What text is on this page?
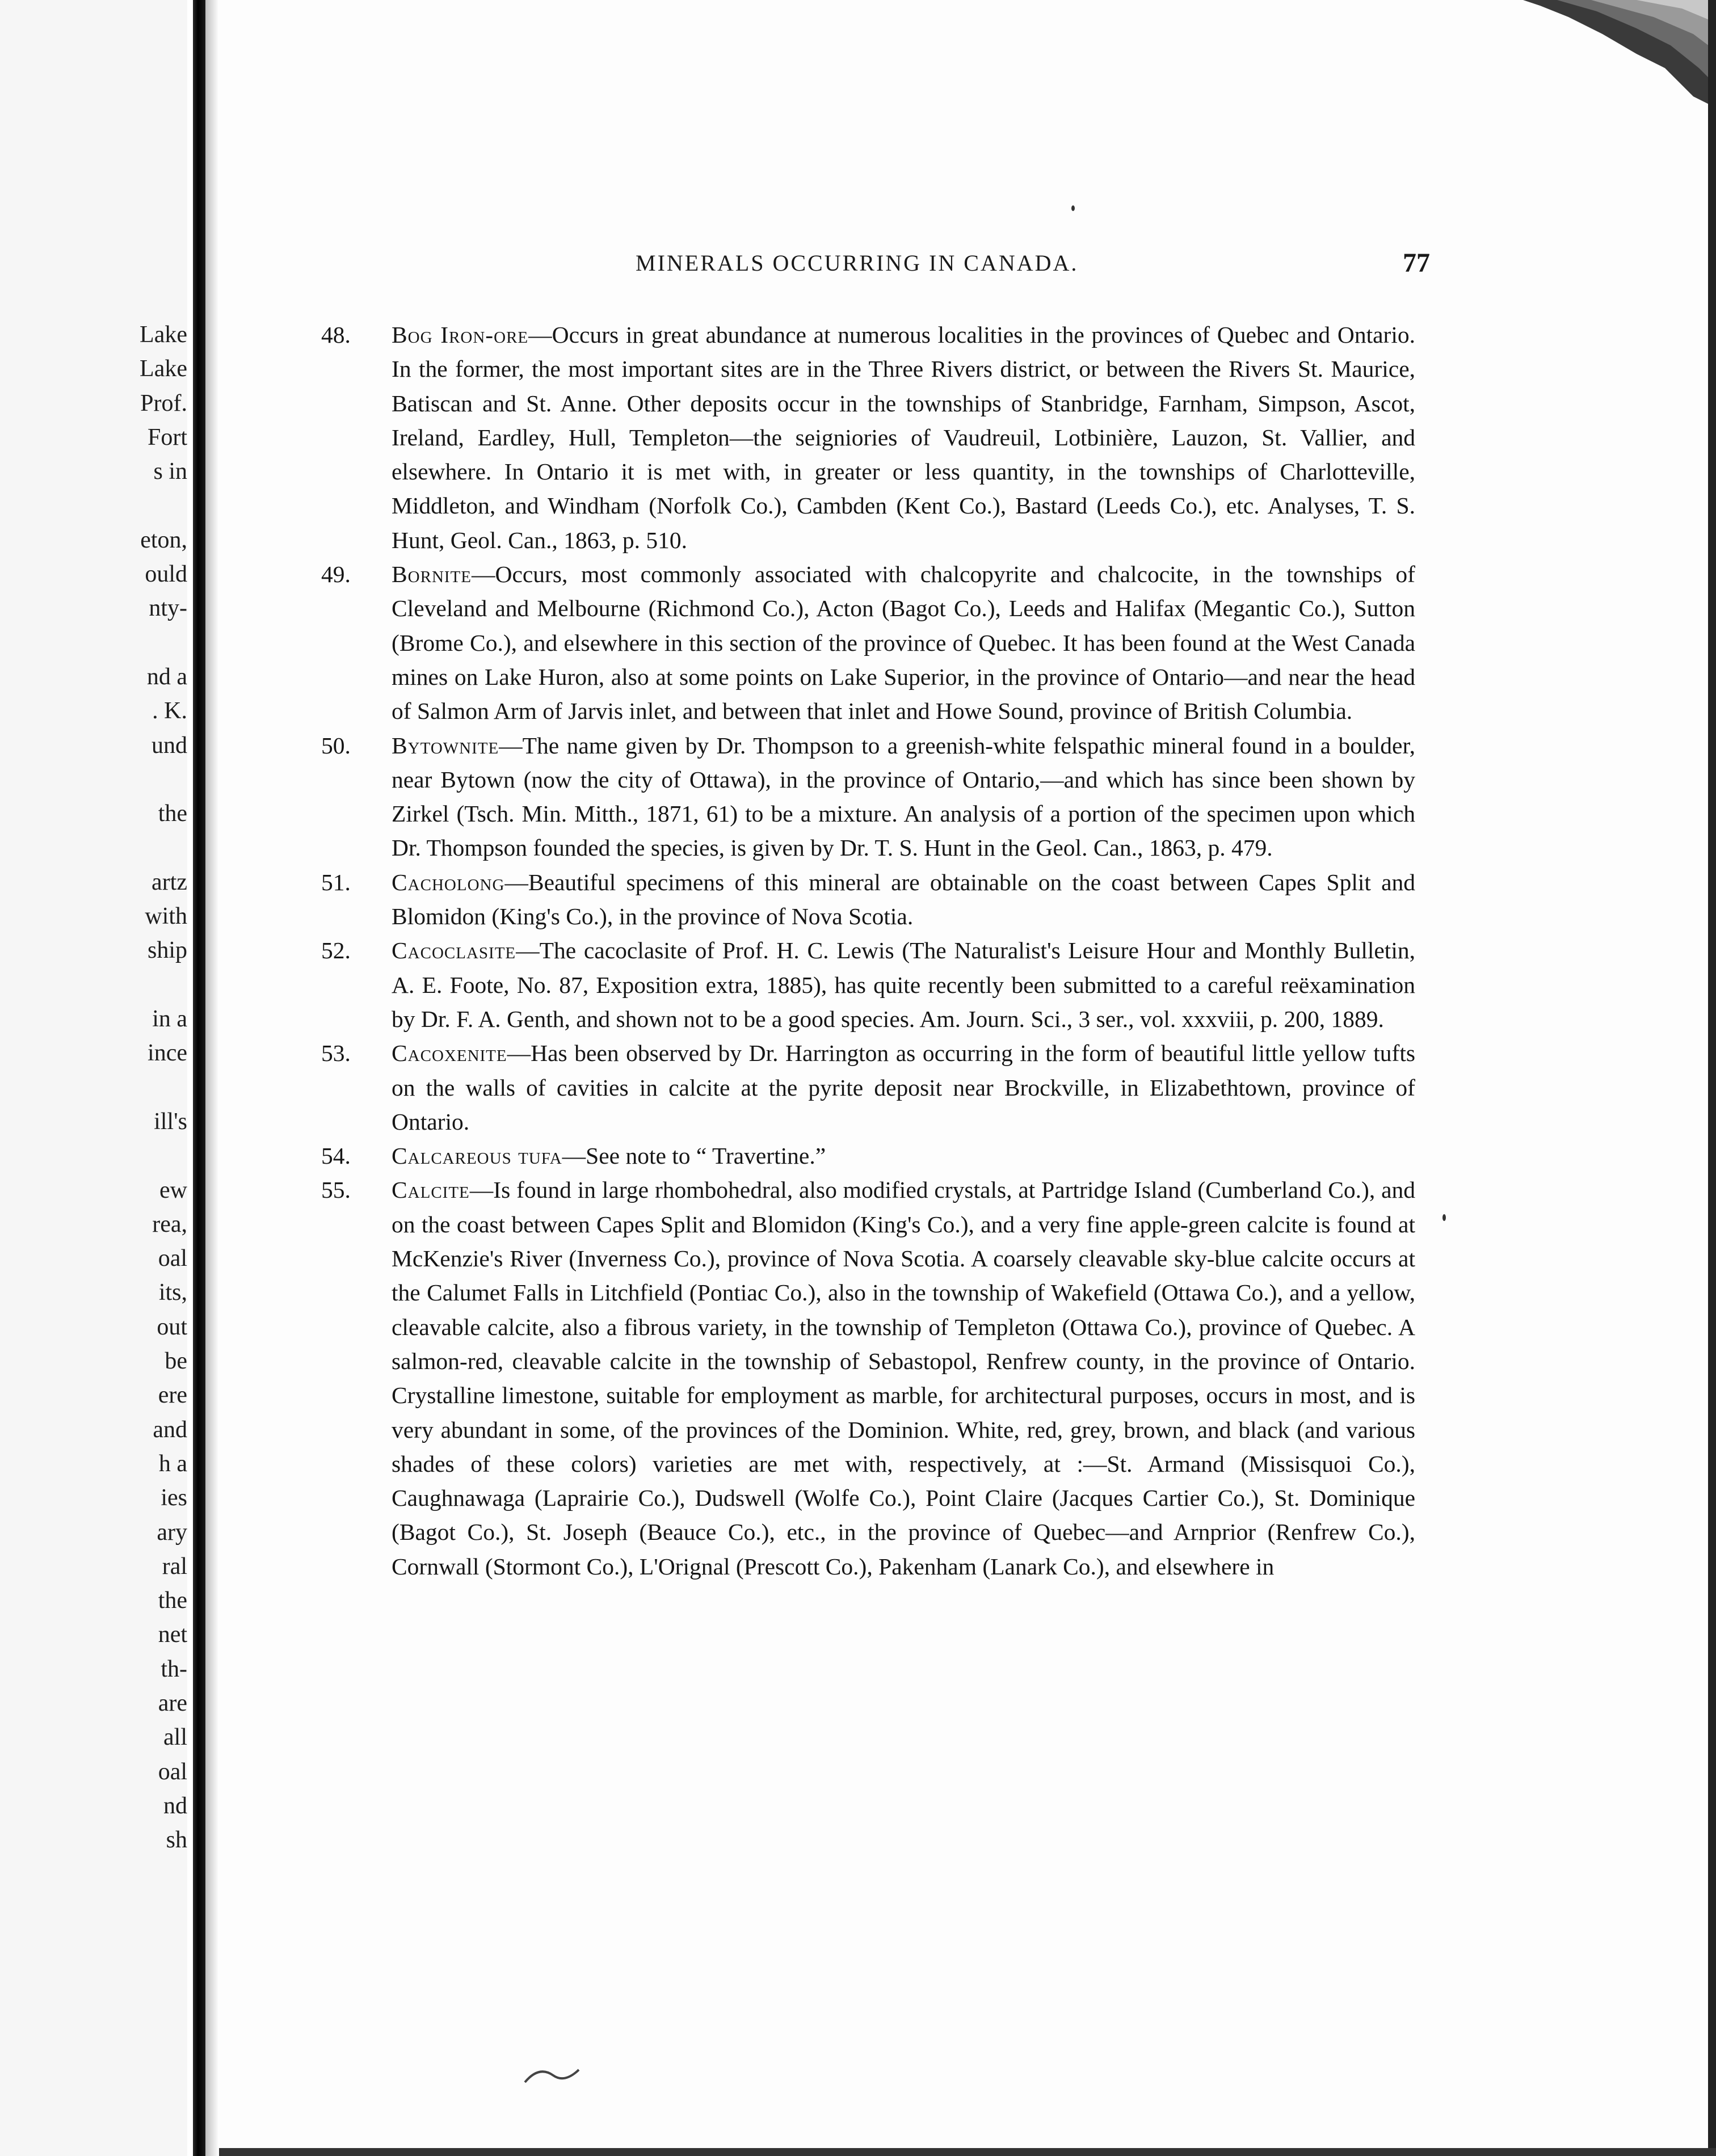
Lake
Lake
Prof.
Fort
s in
eton,
ould
nty-
nd a
. K.
und
the
artz
with
ship
in a
ince
ill's
ew
rea,
oal
its,
out
be
ere
and
h a
ies
ary
ral
the
net
th-
are
all
oal
nd
sh
MINERALS OCCURRING IN CANADA.	77

48.	Bog Iron-ore—Occurs in great abundance at numerous localities in the provinces of Quebec and Ontario. In the former, the most important sites are in the Three Rivers district, or between the Rivers St. Maurice, Batiscan and St. Anne. Other deposits occur in the townships of Stanbridge, Farnham, Simpson, Ascot, Ireland, Eardley, Hull, Templeton—the seigniories of Vaudreuil, Lotbinière, Lauzon, St. Vallier, and elsewhere. In Ontario it is met with, in greater or less quantity, in the townships of Charlotteville, Middleton, and Windham (Norfolk Co.), Cambden (Kent Co.), Bastard (Leeds Co.), etc. Analyses, T. S. Hunt, Geol. Can., 1863, p. 510.

49.	Bornite—Occurs, most commonly associated with chalcopyrite and chalcocite, in the townships of Cleveland and Melbourne (Richmond Co.), Acton (Bagot Co.), Leeds and Halifax (Megantic Co.), Sutton (Brome Co.), and elsewhere in this section of the province of Quebec. It has been found at the West Canada mines on Lake Huron, also at some points on Lake Superior, in the province of Ontario—and near the head of Salmon Arm of Jarvis inlet, and between that inlet and Howe Sound, province of British Columbia.

50.	Bytownite—The name given by Dr. Thompson to a greenish-white felspathic mineral found in a boulder, near Bytown (now the city of Ottawa), in the province of Ontario,—and which has since been shown by Zirkel (Tsch. Min. Mitth., 1871, 61) to be a mixture. An analysis of a portion of the specimen upon which Dr. Thompson founded the species, is given by Dr. T. S. Hunt in the Geol. Can., 1863, p. 479.

51.	Cacholong—Beautiful specimens of this mineral are obtainable on the coast between Capes Split and Blomidon (King's Co.), in the province of Nova Scotia.

52.	Cacoclasite—The cacoclasite of Prof. H. C. Lewis (The Naturalist's Leisure Hour and Monthly Bulletin, A. E. Foote, No. 87, Exposition extra, 1885), has quite recently been submitted to a careful reëxamination by Dr. F. A. Genth, and shown not to be a good species. Am. Journ. Sci., 3 ser., vol. xxxviii, p. 200, 1889.

53.	Cacoxenite—Has been observed by Dr. Harrington as occurring in the form of beautiful little yellow tufts on the walls of cavities in calcite at the pyrite deposit near Brockville, in Elizabethtown, province of Ontario.

54.	Calcareous tufa—See note to “ Travertine.”

55.	Calcite—Is found in large rhombohedral, also modified crystals, at Partridge Island (Cumberland Co.), and on the coast between Capes Split and Blomidon (King's Co.), and a very fine apple-green calcite is found at McKenzie's River (Inverness Co.), province of Nova Scotia. A coarsely cleavable sky-blue calcite occurs at the Calumet Falls in Litchfield (Pontiac Co.), also in the township of Wakefield (Ottawa Co.), and a yellow, cleavable calcite, also a fibrous variety, in the township of Templeton (Ottawa Co.), province of Quebec. A salmon-red, cleavable calcite in the township of Sebastopol, Renfrew county, in the province of Ontario. Crystalline limestone, suitable for employment as marble, for architectural purposes, occurs in most, and is very abundant in some, of the provinces of the Dominion. White, red, grey, brown, and black (and various shades of these colors) varieties are met with, respectively, at :—St. Armand (Missisquoi Co.), Caughnawaga (Laprairie Co.), Dudswell (Wolfe Co.), Point Claire (Jacques Cartier Co.), St. Dominique (Bagot Co.), St. Joseph (Beauce Co.), etc., in the province of Quebec—and Arnprior (Renfrew Co.), Cornwall (Stormont Co.), L'Orignal (Prescott Co.), Pakenham (Lanark Co.), and elsewhere in
